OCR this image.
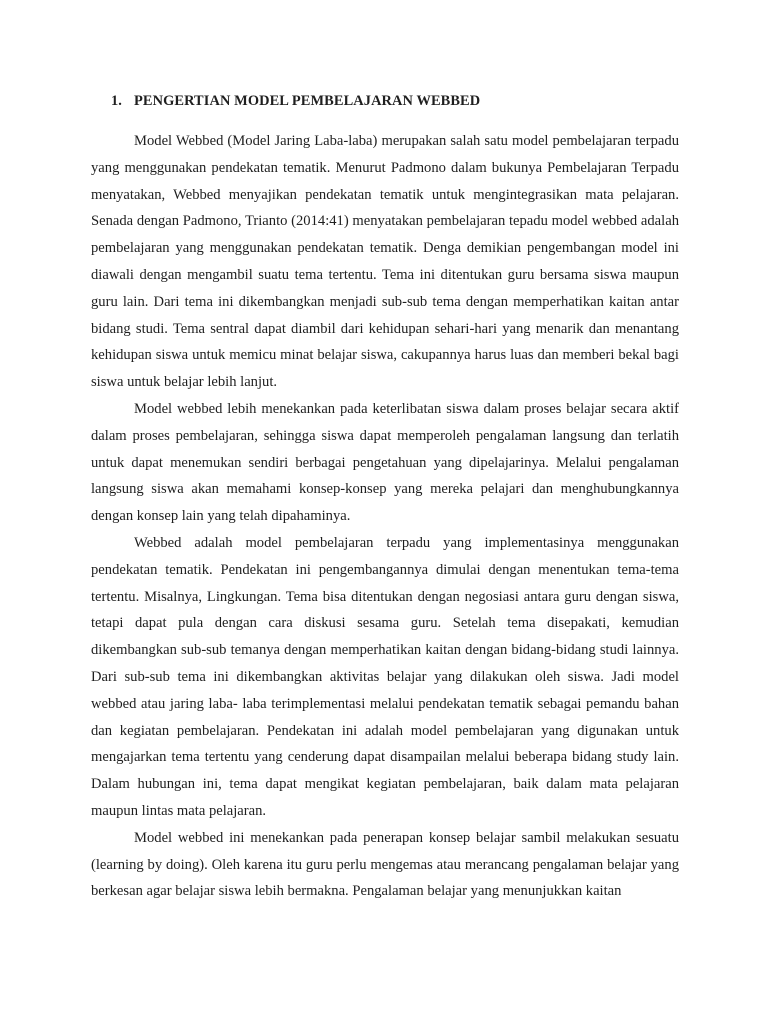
1. PENGERTIAN MODEL PEMBELAJARAN WEBBED

Model Webbed (Model Jaring Laba-laba) merupakan salah satu model pembelajaran terpadu yang menggunakan pendekatan tematik. Menurut Padmono dalam bukunya Pembelajaran Terpadu menyatakan, Webbed menyajikan pendekatan tematik untuk mengintegrasikan mata pelajaran. Senada dengan Padmono, Trianto (2014:41) menyatakan pembelajaran tepadu model webbed adalah pembelajaran yang menggunakan pendekatan tematik. Denga demikian pengembangan model ini diawali dengan mengambil suatu tema tertentu. Tema ini ditentukan guru bersama siswa maupun guru lain. Dari tema ini dikembangkan menjadi sub-sub tema dengan memperhatikan kaitan antar bidang studi. Tema sentral dapat diambil dari kehidupan sehari-hari yang menarik dan menantang kehidupan siswa untuk memicu minat belajar siswa, cakupannya harus luas dan memberi bekal bagi siswa untuk belajar lebih lanjut.

Model webbed lebih menekankan pada keterlibatan siswa dalam proses belajar secara aktif dalam proses pembelajaran, sehingga siswa dapat memperoleh pengalaman langsung dan terlatih untuk dapat menemukan sendiri berbagai pengetahuan yang dipelajarinya. Melalui pengalaman langsung siswa akan memahami konsep-konsep yang mereka pelajari dan menghubungkannya dengan konsep lain yang telah dipahaminya.

Webbed adalah model pembelajaran terpadu yang implementasinya menggunakan pendekatan tematik. Pendekatan ini pengembangannya dimulai dengan menentukan tema-tema tertentu. Misalnya, Lingkungan. Tema bisa ditentukan dengan negosiasi antara guru dengan siswa, tetapi dapat pula dengan cara diskusi sesama guru. Setelah tema disepakati, kemudian dikembangkan sub-sub temanya dengan memperhatikan kaitan dengan bidang-bidang studi lainnya. Dari sub-sub tema ini dikembangkan aktivitas belajar yang dilakukan oleh siswa. Jadi model webbed atau jaring laba- laba terimplementasi melalui pendekatan tematik sebagai pemandu bahan dan kegiatan pembelajaran. Pendekatan ini adalah model pembelajaran yang digunakan untuk mengajarkan tema tertentu yang cenderung dapat disampailan melalui beberapa bidang study lain. Dalam hubungan ini, tema dapat mengikat kegiatan pembelajaran, baik dalam mata pelajaran maupun lintas mata pelajaran.

Model webbed ini menekankan pada penerapan konsep belajar sambil melakukan sesuatu (learning by doing). Oleh karena itu guru perlu mengemas atau merancang pengalaman belajar yang berkesan agar belajar siswa lebih bermakna. Pengalaman belajar yang menunjukkan kaitan
